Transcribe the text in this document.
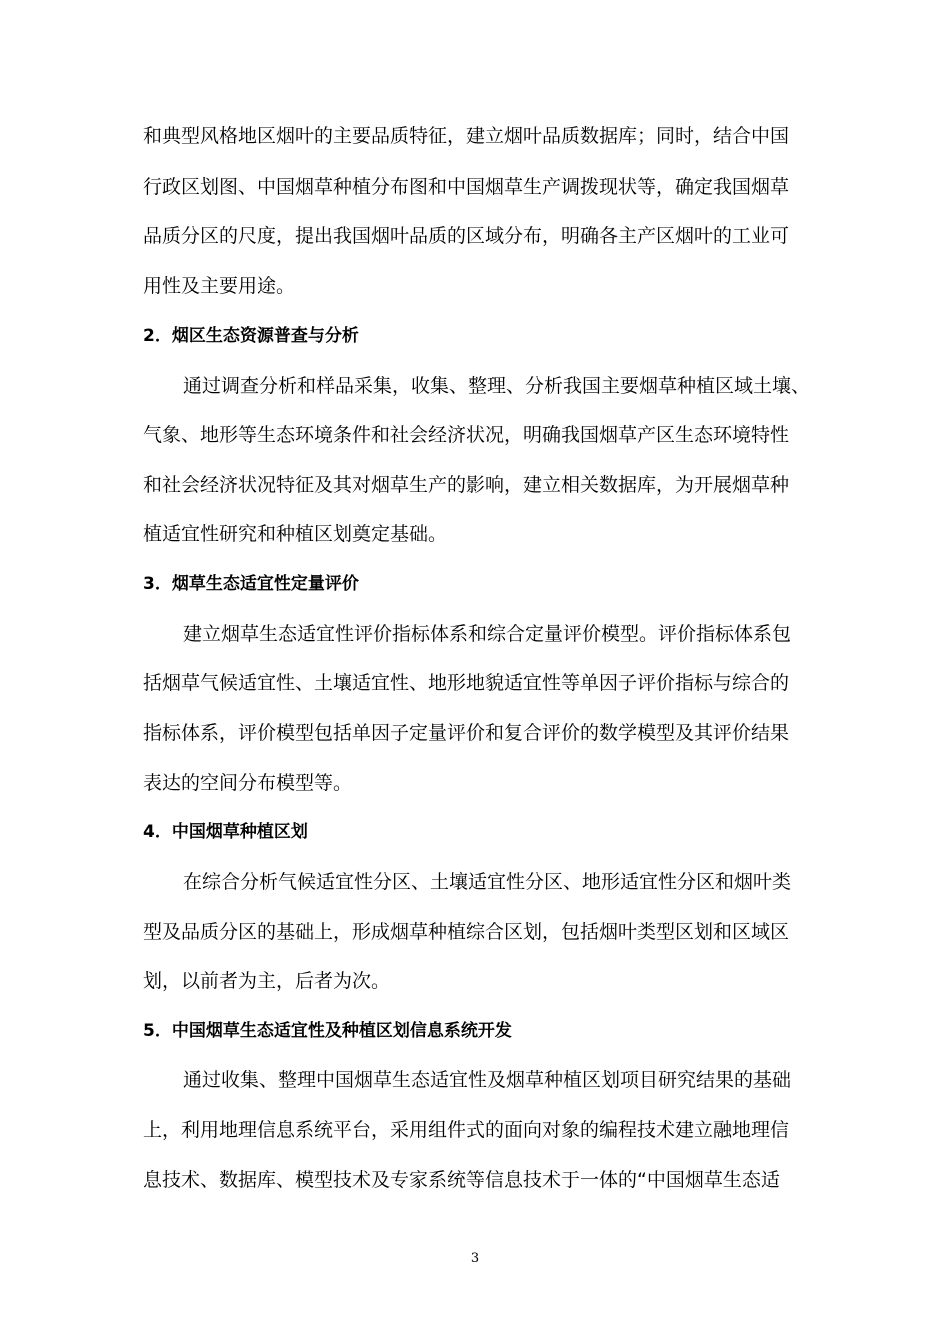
和典型风格地区烟叶的主要品质特征，建立烟叶品质数据库；同时，结合中国
行政区划图、中国烟草种植分布图和中国烟草生产调拨现状等，确定我国烟草
品质分区的尺度，提出我国烟叶品质的区域分布，明确各主产区烟叶的工业可
用性及主要用途。
2．烟区生态资源普查与分析
通过调查分析和样品采集，收集、整理、分析我国主要烟草种植区域土壤、
气象、地形等生态环境条件和社会经济状况，明确我国烟草产区生态环境特性
和社会经济状况特征及其对烟草生产的影响，建立相关数据库，为开展烟草种
植适宜性研究和种植区划奠定基础。
3．烟草生态适宜性定量评价
建立烟草生态适宜性评价指标体系和综合定量评价模型。评价指标体系包
括烟草气候适宜性、土壤适宜性、地形地貌适宜性等单因子评价指标与综合的
指标体系，评价模型包括单因子定量评价和复合评价的数学模型及其评价结果
表达的空间分布模型等。
4．中国烟草种植区划
在综合分析气候适宜性分区、土壤适宜性分区、地形适宜性分区和烟叶类
型及品质分区的基础上，形成烟草种植综合区划，包括烟叶类型区划和区域区
划，以前者为主，后者为次。
5．中国烟草生态适宜性及种植区划信息系统开发
通过收集、整理中国烟草生态适宜性及烟草种植区划项目研究结果的基础
上，利用地理信息系统平台，采用组件式的面向对象的编程技术建立融地理信
息技术、数据库、模型技术及专家系统等信息技术于一体的“中国烟草生态适
3
